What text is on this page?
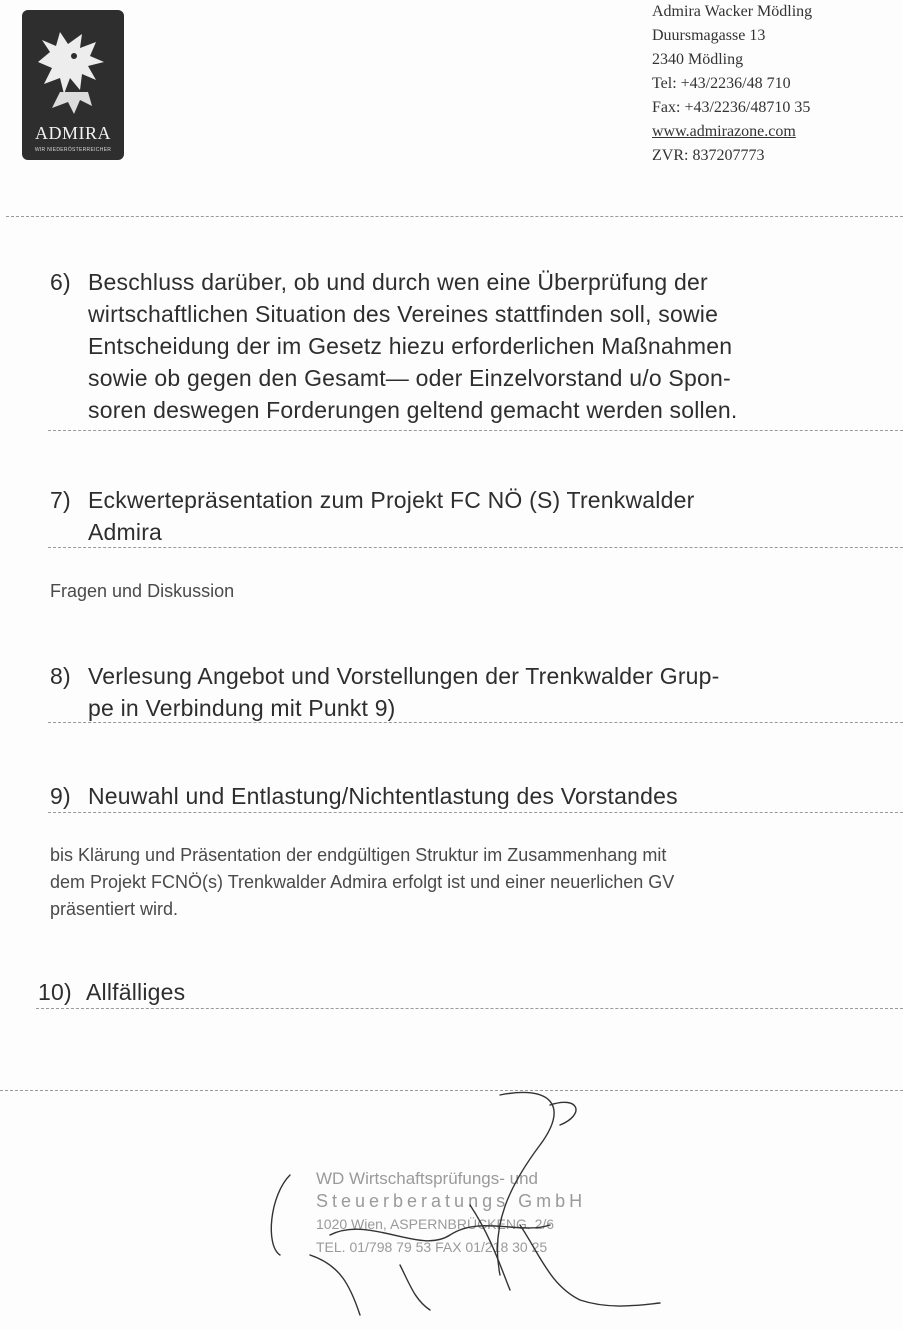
ADMIRA
WIR NIEDERÖSTERREICHER
Admira Wacker Mödling
Duursmagasse 13
2340 Mödling
Tel: +43/2236/48 710
Fax: +43/2236/48710 35
www.admirazone.com
ZVR: 837207773
6) Beschluss darüber, ob und durch wen eine Überprüfung der
wirtschaftlichen Situation des Vereines stattfinden soll, sowie
Entscheidung der im Gesetz hiezu erforderlichen Maßnahmen
sowie ob gegen den Gesamt— oder Einzelvorstand u/o Spon-
soren deswegen Forderungen geltend gemacht werden sollen.
7) Eckwertepräsentation zum Projekt FC NÖ (S) Trenkwalder
Admira
Fragen und Diskussion
8) Verlesung Angebot und Vorstellungen der Trenkwalder Grup-
pe in Verbindung mit Punkt 9)
9) Neuwahl und Entlastung/Nichtentlastung des Vorstandes
bis Klärung und Präsentation der endgültigen Struktur im Zusammenhang mit
dem Projekt FCNÖ(s) Trenkwalder Admira erfolgt ist und einer neuerlichen GV
präsentiert wird.
10) Allfälliges
WD Wirtschaftsprüfungs- und
Steuerberatungs GmbH
1020 Wien, ASPERNBRÜCKENG. 2/6
TEL. 01/798 79 53 FAX 01/218 30 25
